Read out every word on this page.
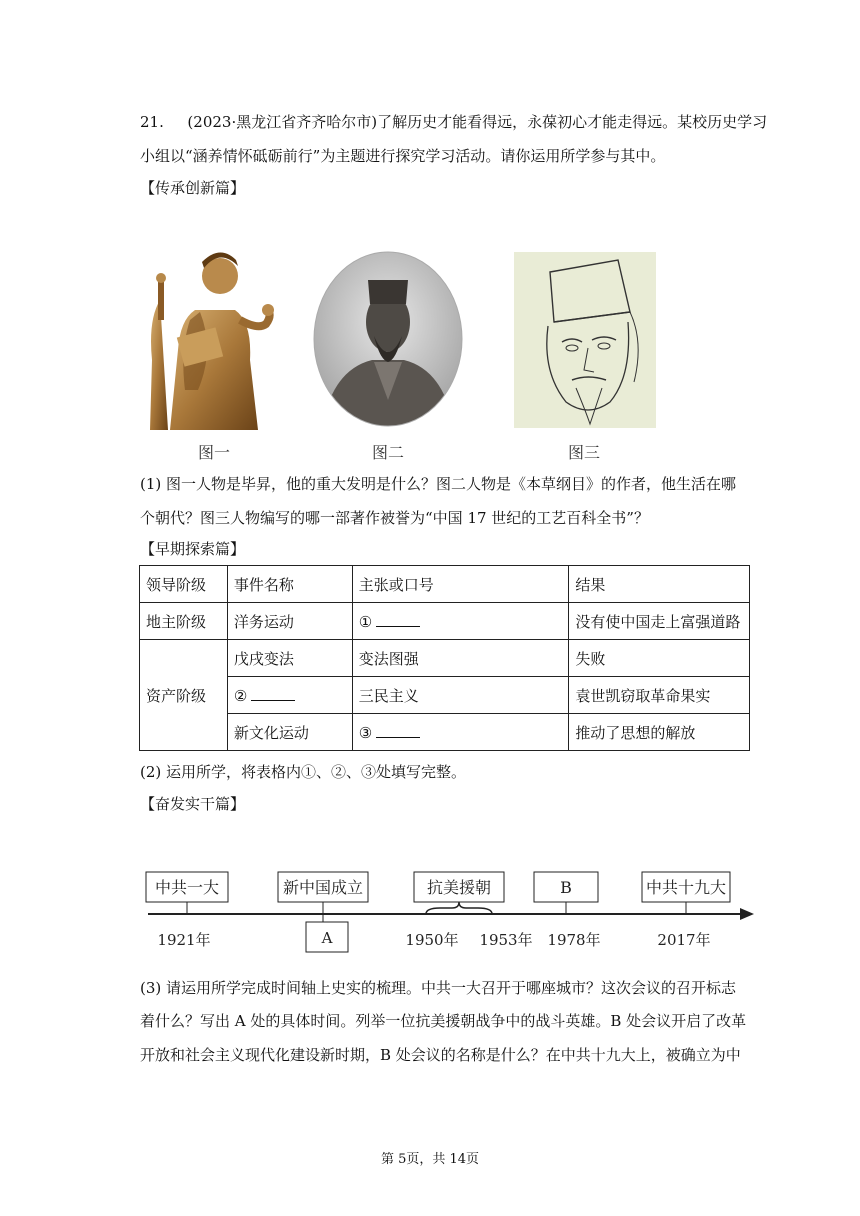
21. (2023·黑龙江省齐齐哈尔市)了解历史才能看得远，永葆初心才能走得远。某校历史学习
小组以“涵养情怀砥砺前行”为主题进行探究学习活动。请你运用所学参与其中。
【传承创新篇】
图一	图二	图三
(1) 图一人物是毕昇，他的重大发明是什么？图二人物是《本草纲目》的作者，他生活在哪
个朝代？图三人物编写的哪一部著作被誉为“中国 17 世纪的工艺百科全书”？
【早期探索篇】
领导阶级	事件名称	主张或口号	结果
地主阶级	洋务运动	①	没有使中国走上富强道路
资产阶级	戊戌变法	变法图强	失败
	②	三民主义	袁世凯窃取革命果实
	新文化运动	③	推动了思想的解放
(2) 运用所学，将表格内①、②、③处填写完整。
【奋发实干篇】
中共一大	新中国成立	抗美援朝	B	中共十九大
A
1921年	1950年 1953年 1978年	2017年
(3) 请运用所学完成时间轴上史实的梳理。中共一大召开于哪座城市？这次会议的召开标志
着什么？写出 A 处的具体时间。列举一位抗美援朝战争中的战斗英雄。B 处会议开启了改革
开放和社会主义现代化建设新时期，B 处会议的名称是什么？在中共十九大上，被确立为中
第 5页，共 14页
